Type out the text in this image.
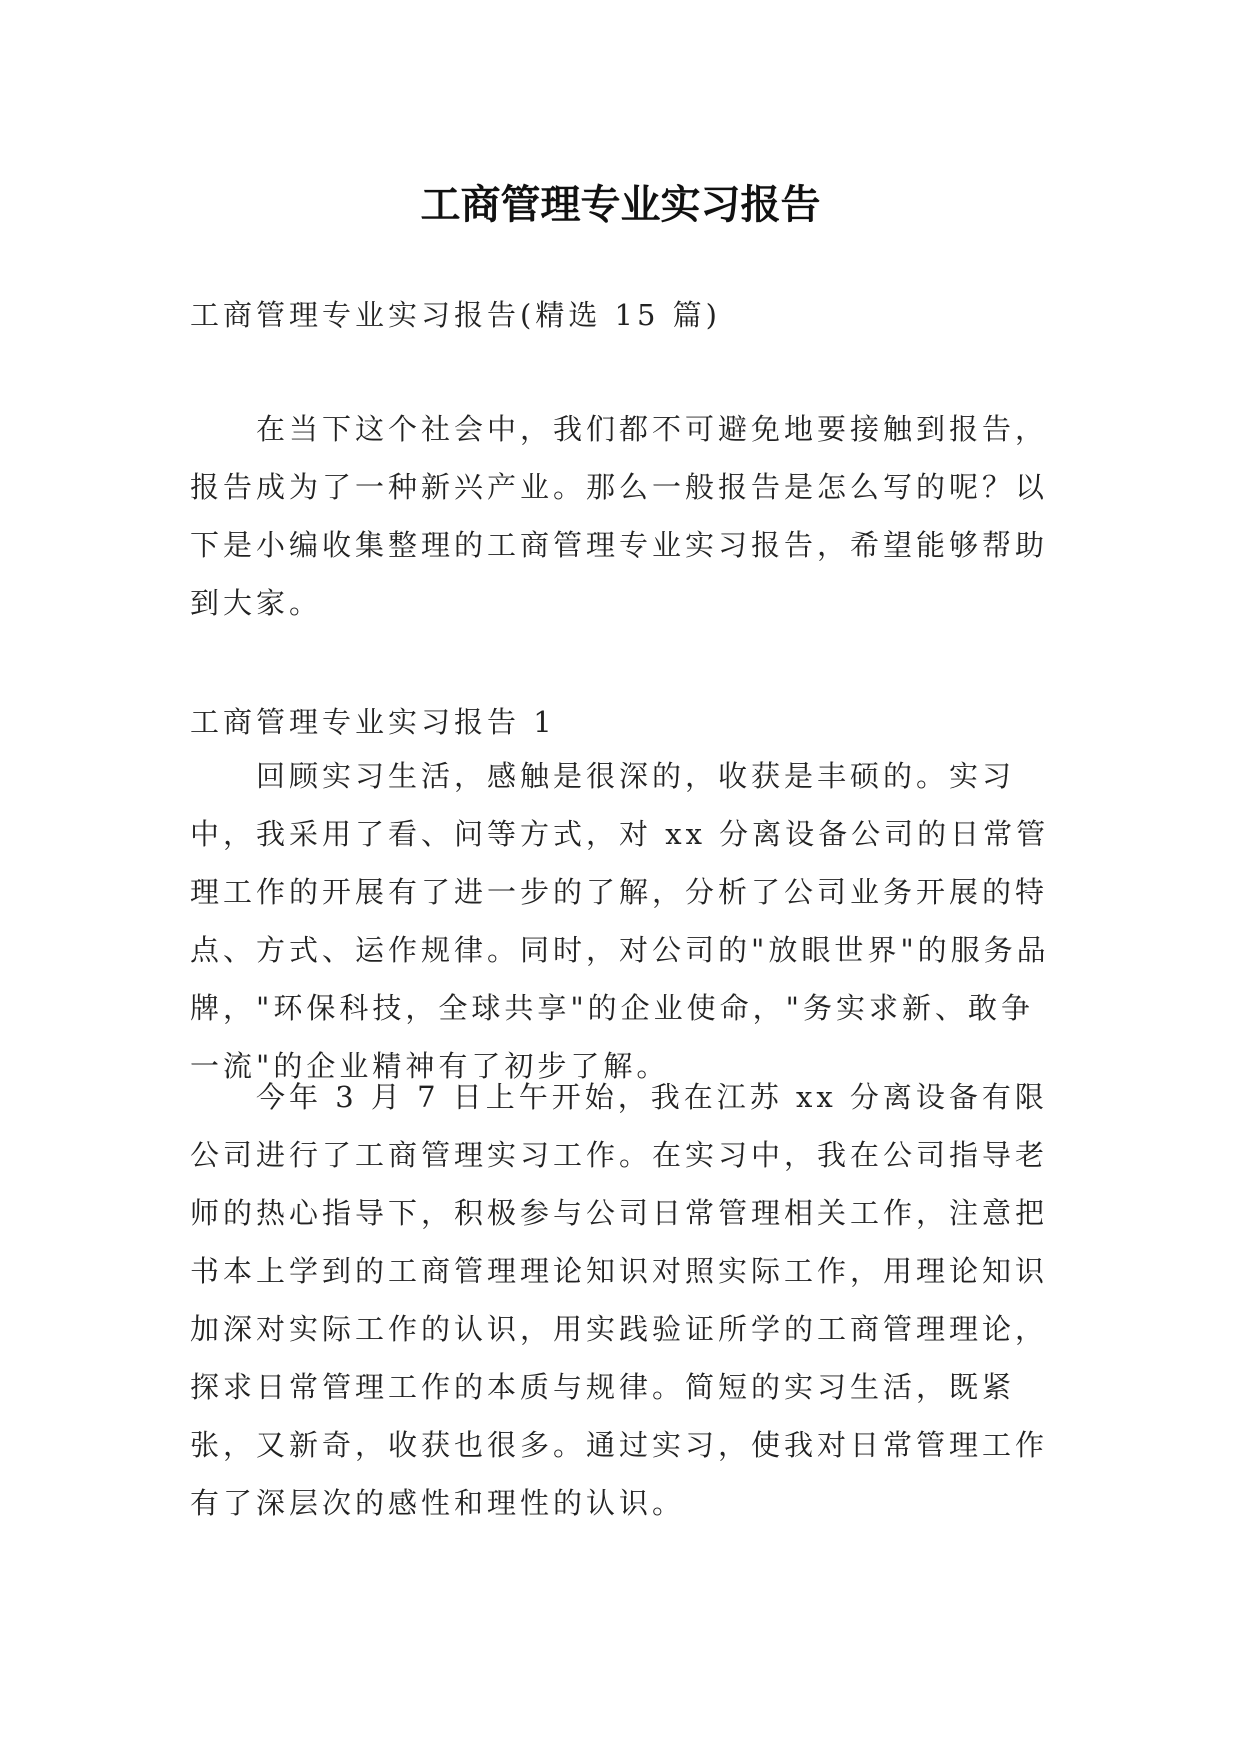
工商管理专业实习报告

工商管理专业实习报告(精选 15 篇)

在当下这个社会中，我们都不可避免地要接触到报告，报告成为了一种新兴产业。那么一般报告是怎么写的呢？以下是小编收集整理的工商管理专业实习报告，希望能够帮助到大家。

工商管理专业实习报告 1

回顾实习生活，感触是很深的，收获是丰硕的。实习中，我采用了看、问等方式，对 xx 分离设备公司的日常管理工作的开展有了进一步的了解，分析了公司业务开展的特点、方式、运作规律。同时，对公司的"放眼世界"的服务品牌，"环保科技，全球共享"的企业使命，"务实求新、敢争一流"的企业精神有了初步了解。

今年 3 月 7 日上午开始，我在江苏 xx 分离设备有限公司进行了工商管理实习工作。在实习中，我在公司指导老师的热心指导下，积极参与公司日常管理相关工作，注意把书本上学到的工商管理理论知识对照实际工作，用理论知识加深对实际工作的认识，用实践验证所学的工商管理理论，探求日常管理工作的本质与规律。简短的实习生活，既紧张，又新奇，收获也很多。通过实习，使我对日常管理工作有了深层次的感性和理性的认识。
